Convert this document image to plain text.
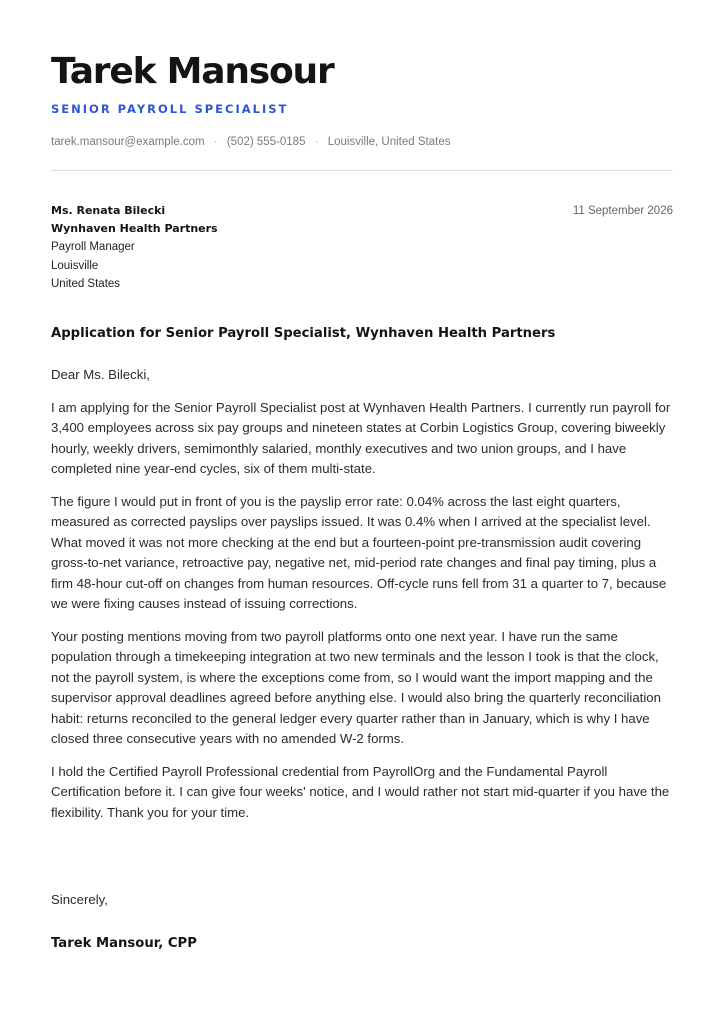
Tarek Mansour
SENIOR PAYROLL SPECIALIST
tarek.mansour@example.com · (502) 555-0185 · Louisville, United States
Ms. Renata Bilecki
Wynhaven Health Partners
Payroll Manager
Louisville
United States
11 September 2026
Application for Senior Payroll Specialist, Wynhaven Health Partners

Dear Ms. Bilecki,

I am applying for the Senior Payroll Specialist post at Wynhaven Health Partners. I currently run payroll for 3,400 employees across six pay groups and nineteen states at Corbin Logistics Group, covering biweekly hourly, weekly drivers, semimonthly salaried, monthly executives and two union groups, and I have completed nine year-end cycles, six of them multi-state.

The figure I would put in front of you is the payslip error rate: 0.04% across the last eight quarters, measured as corrected payslips over payslips issued. It was 0.4% when I arrived at the specialist level. What moved it was not more checking at the end but a fourteen-point pre-transmission audit covering gross-to-net variance, retroactive pay, negative net, mid-period rate changes and final pay timing, plus a firm 48-hour cut-off on changes from human resources. Off-cycle runs fell from 31 a quarter to 7, because we were fixing causes instead of issuing corrections.

Your posting mentions moving from two payroll platforms onto one next year. I have run the same population through a timekeeping integration at two new terminals and the lesson I took is that the clock, not the payroll system, is where the exceptions come from, so I would want the import mapping and the supervisor approval deadlines agreed before anything else. I would also bring the quarterly reconciliation habit: returns reconciled to the general ledger every quarter rather than in January, which is why I have closed three consecutive years with no amended W-2 forms.

I hold the Certified Payroll Professional credential from PayrollOrg and the Fundamental Payroll Certification before it. I can give four weeks' notice, and I would rather not start mid-quarter if you have the flexibility. Thank you for your time.

Sincerely,
Tarek Mansour, CPP
